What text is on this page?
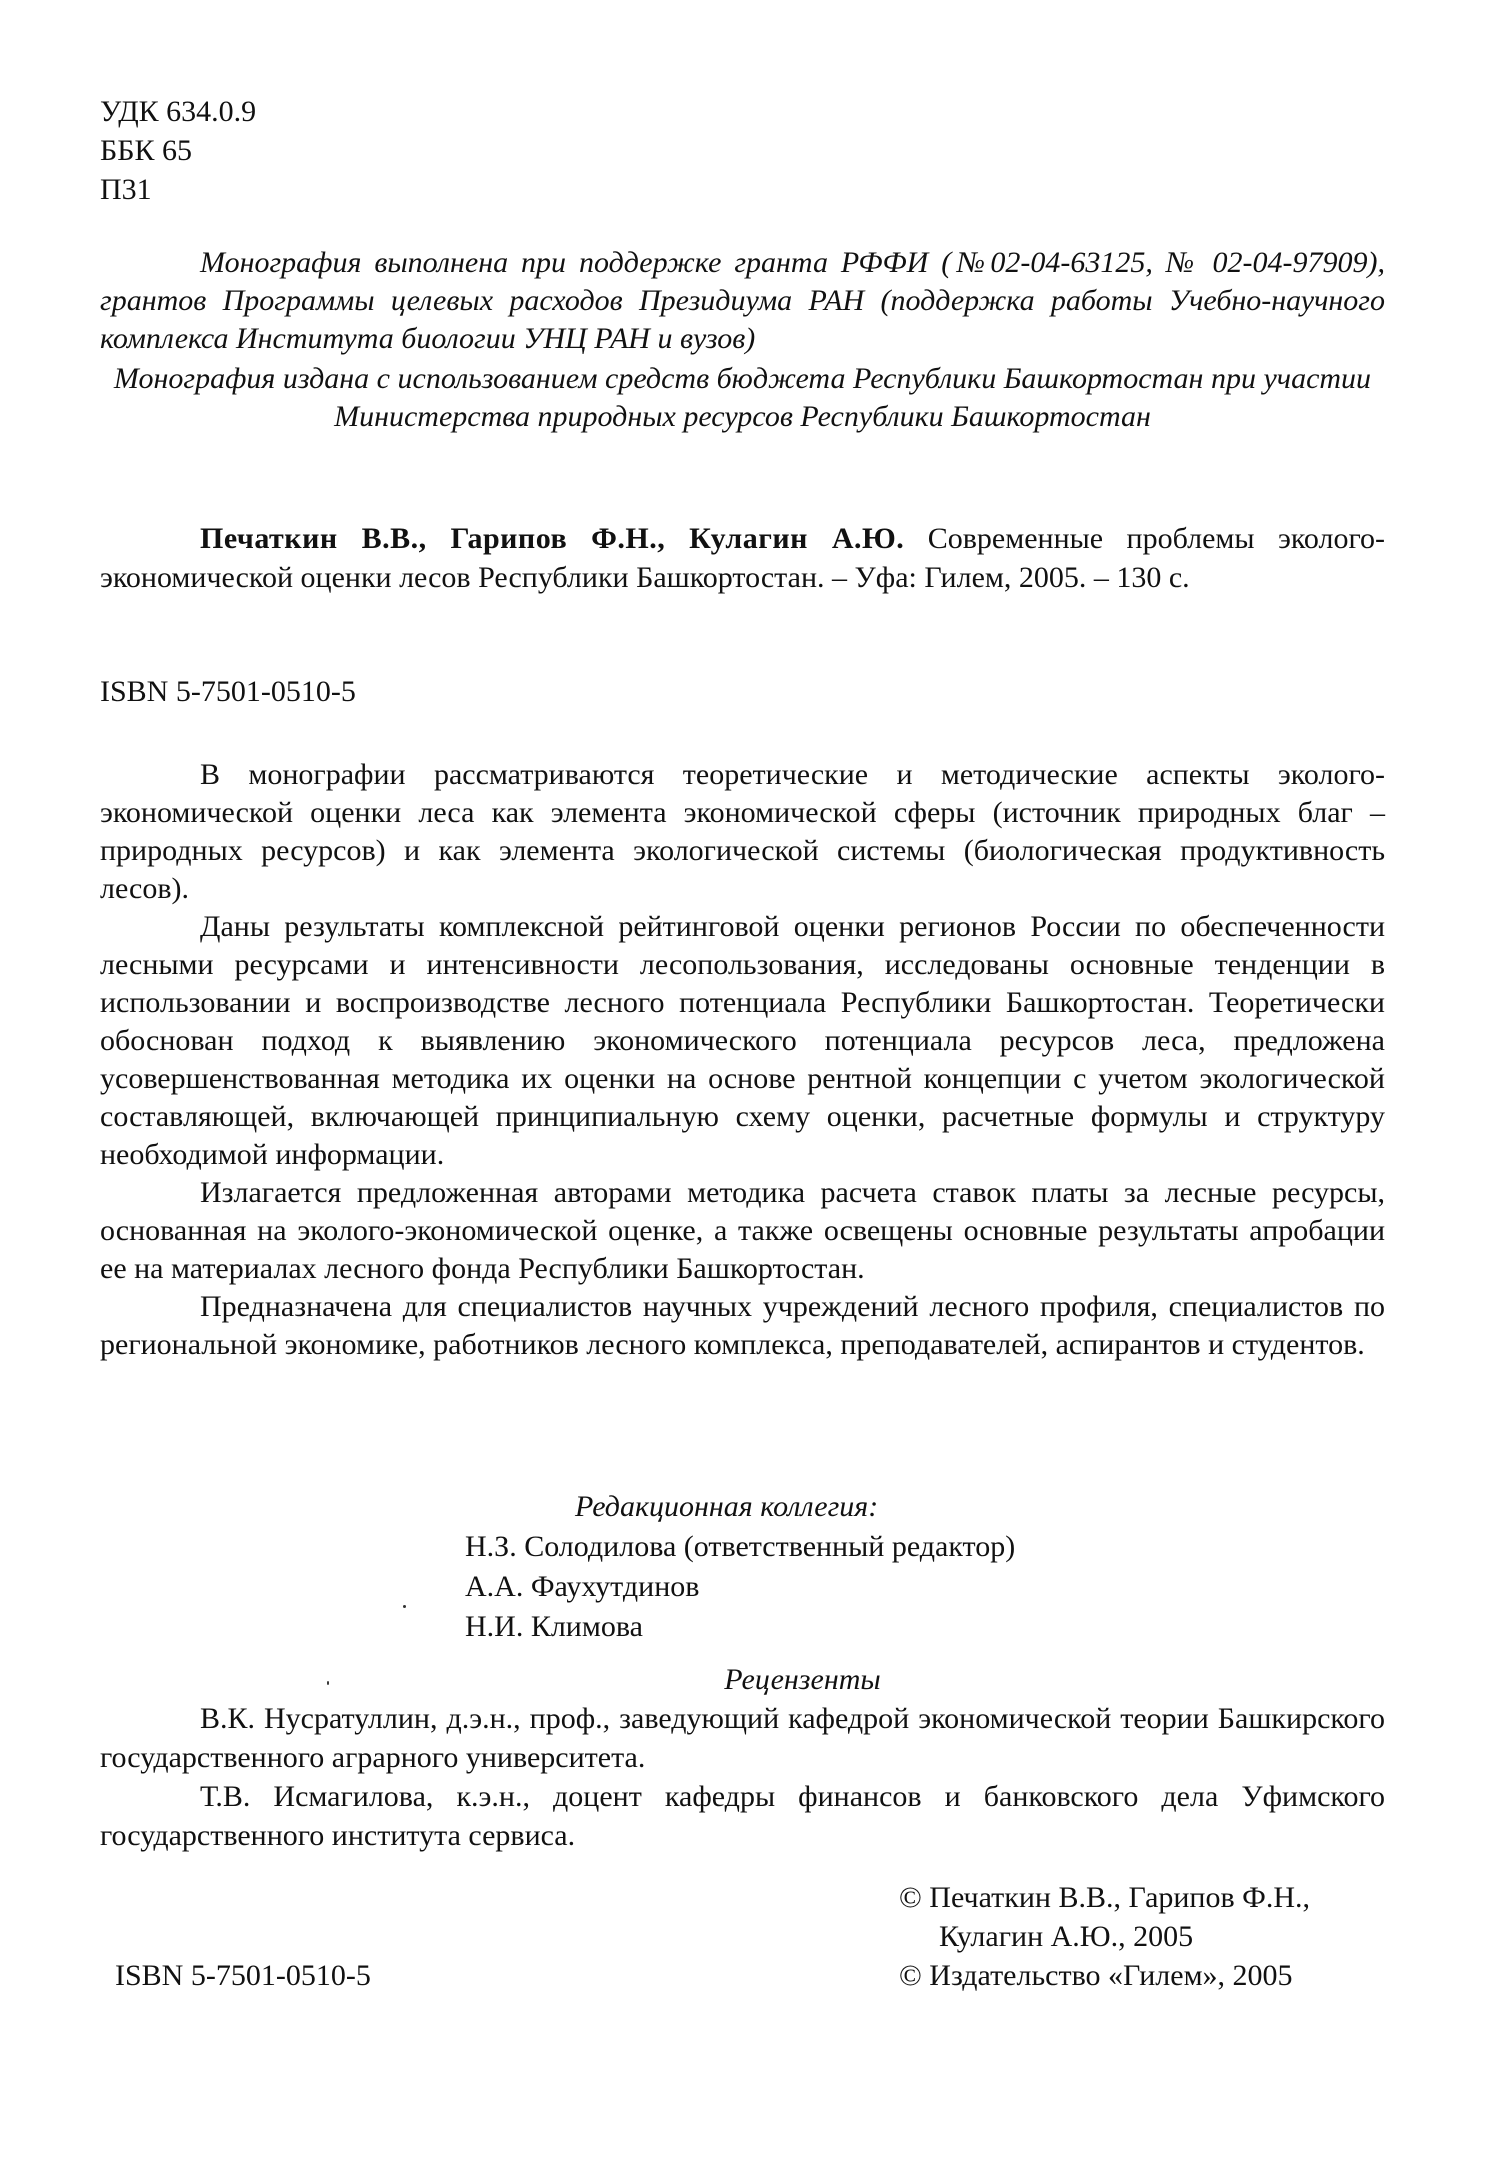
УДК 634.0.9
ББК 65
П31
Монография выполнена при поддержке гранта РФФИ (№02-04-63125, № 02-04-97909), грантов Программы целевых расходов Президиума РАН (поддержка работы Учебно-научного комплекса Института биологии УНЦ РАН и вузов)
Монография издана с использованием средств бюджета Республики Башкортостан при участии Министерства природных ресурсов Республики Башкортостан
Печаткин В.В., Гарипов Ф.Н., Кулагин А.Ю. Современные проблемы эколого-экономической оценки лесов Республики Башкортостан. – Уфа: Гилем, 2005. – 130 с.
ISBN 5-7501-0510-5

В монографии рассматриваются теоретические и методические аспекты эколого-экономической оценки леса как элемента экономической сферы (источник природных благ – природных ресурсов) и как элемента экологической системы (биологическая продуктивность лесов).

Даны результаты комплексной рейтинговой оценки регионов России по обеспеченности лесными ресурсами и интенсивности лесопользования, исследованы основные тенденции в использовании и воспроизводстве лесного потенциала Республики Башкортостан. Теоретически обоснован подход к выявлению экономического потенциала ресурсов леса, предложена усовершенствованная методика их оценки на основе рентной концепции с учетом экологической составляющей, включающей принципиальную схему оценки, расчетные формулы и структуру необходимой информации.

Излагается предложенная авторами методика расчета ставок платы за лесные ресурсы, основанная на эколого-экономической оценке, а также освещены основные результаты апробации ее на материалах лесного фонда Республики Башкортостан.

Предназначена для специалистов научных учреждений лесного профиля, специалистов по региональной экономике, работников лесного комплекса, преподавателей, аспирантов и студентов.

Редакционная коллегия:
Н.З. Солодилова (ответственный редактор)
А.А. Фаухутдинов
Н.И. Климова
Рецензенты

В.К. Нусратуллин, д.э.н., проф., заведующий кафедрой экономической теории Башкирского государственного аграрного университета.

Т.В. Исмагилова, к.э.н., доцент кафедры финансов и банковского дела Уфимского государственного института сервиса.

© Печаткин В.В., Гарипов Ф.Н.,
Кулагин А.Ю., 2005
© Издательство «Гилем», 2005
ISBN 5-7501-0510-5
